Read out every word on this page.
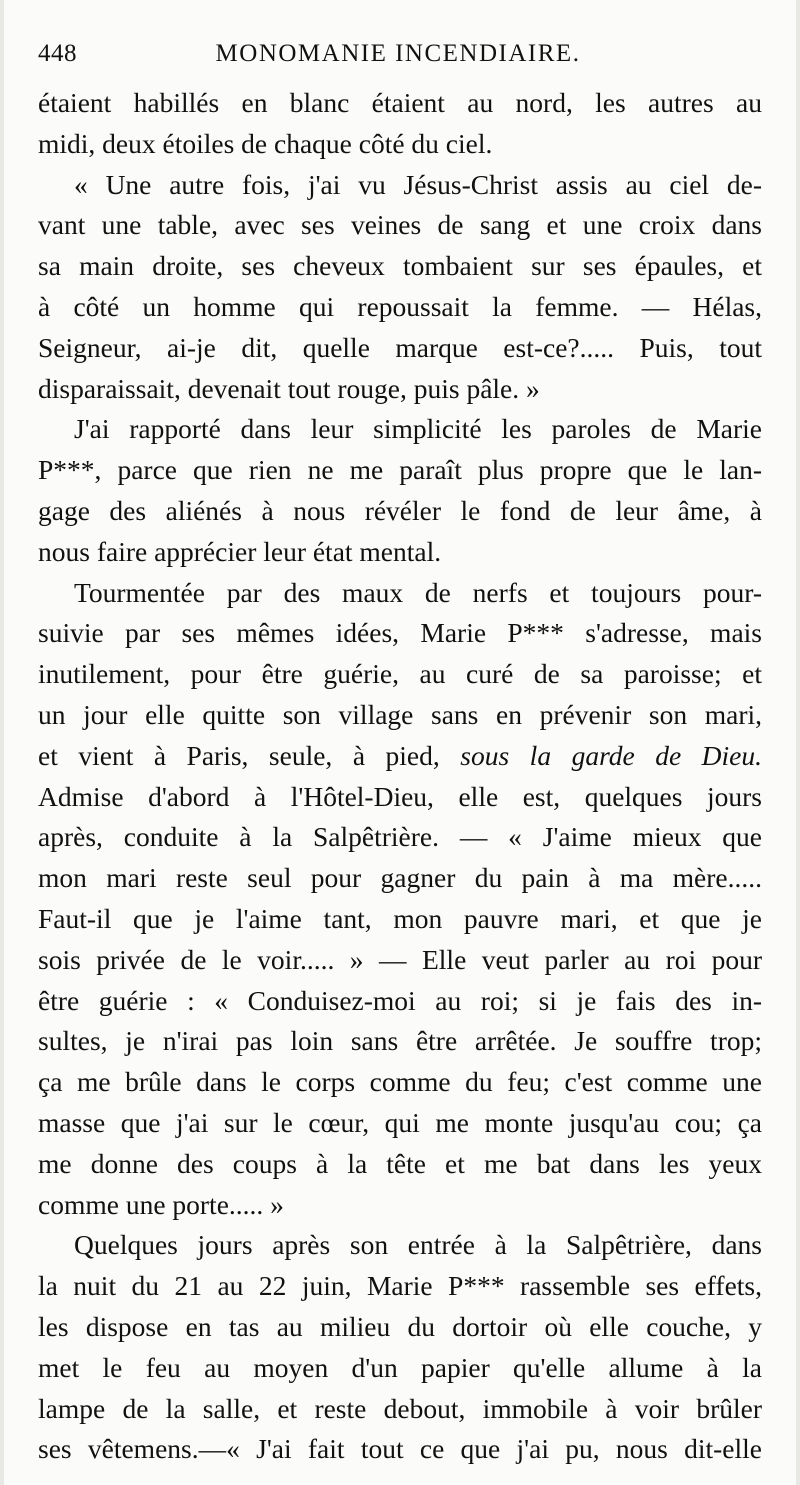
448	MONOMANIE INCENDIAIRE.
étaient habillés en blanc étaient au nord, les autres au
midi, deux étoiles de chaque côté du ciel.
« Une autre fois, j'ai vu Jésus-Christ assis au ciel de-
vant une table, avec ses veines de sang et une croix dans
sa main droite, ses cheveux tombaient sur ses épaules, et
à côté un homme qui repoussait la femme. — Hélas,
Seigneur, ai-je dit, quelle marque est-ce?..... Puis, tout
disparaissait, devenait tout rouge, puis pâle. »
J'ai rapporté dans leur simplicité les paroles de Marie
P***, parce que rien ne me paraît plus propre que le lan-
gage des aliénés à nous révéler le fond de leur âme, à
nous faire apprécier leur état mental.
Tourmentée par des maux de nerfs et toujours pour-
suivie par ses mêmes idées, Marie P*** s'adresse, mais
inutilement, pour être guérie, au curé de sa paroisse; et
un jour elle quitte son village sans en prévenir son mari,
et vient à Paris, seule, à pied, sous la garde de Dieu.
Admise d'abord à l'Hôtel-Dieu, elle est, quelques jours
après, conduite à la Salpêtrière. — « J'aime mieux que
mon mari reste seul pour gagner du pain à ma mère.....
Faut-il que je l'aime tant, mon pauvre mari, et que je
sois privée de le voir..... » — Elle veut parler au roi pour
être guérie : « Conduisez-moi au roi; si je fais des in-
sultes, je n'irai pas loin sans être arrêtée. Je souffre trop;
ça me brûle dans le corps comme du feu; c'est comme une
masse que j'ai sur le cœur, qui me monte jusqu'au cou; ça
me donne des coups à la tête et me bat dans les yeux
comme une porte..... »
Quelques jours après son entrée à la Salpêtrière, dans
la nuit du 21 au 22 juin, Marie P*** rassemble ses effets,
les dispose en tas au milieu du dortoir où elle couche, y
met le feu au moyen d'un papier qu'elle allume à la
lampe de la salle, et reste debout, immobile à voir brûler
ses vêtemens.—« J'ai fait tout ce que j'ai pu, nous dit-elle
